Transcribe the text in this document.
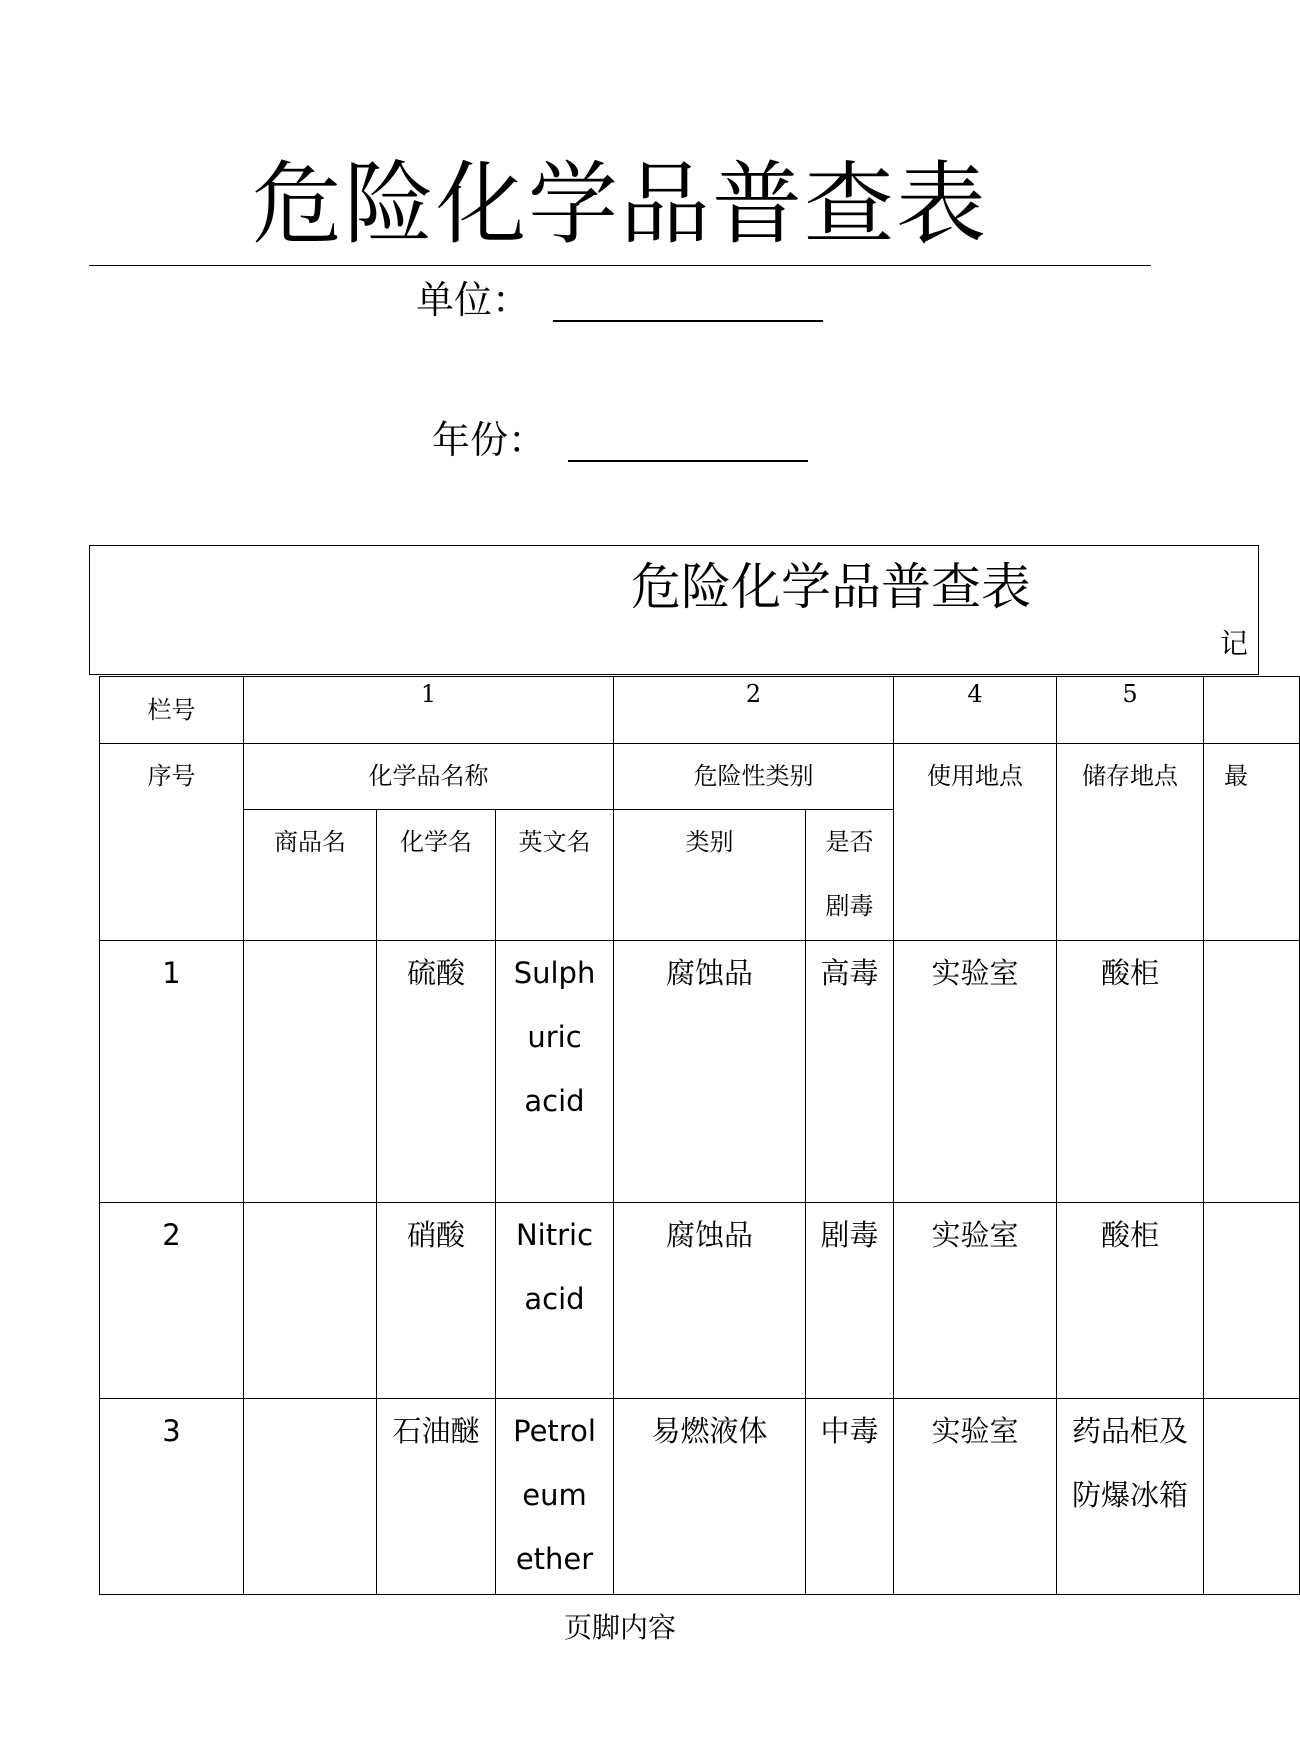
危险化学品普查表
单位：
年份：
危险化学品普查表
记
栏号	1			2		4	5	
序号	化学品名称			危险性类别		使用地点	储存地点	最
	商品名	化学名	英文名	类别	是否
剧毒			

1		硫酸	Sulph
uric
acid	腐蚀品	高毒	实验室	酸柜	

2		硝酸	Nitric
acid	腐蚀品	剧毒	实验室	酸柜	

3		石油醚	Petrol
eum
ether	易燃液体	中毒	实验室	药品柜及
防爆冰箱	

页脚内容
